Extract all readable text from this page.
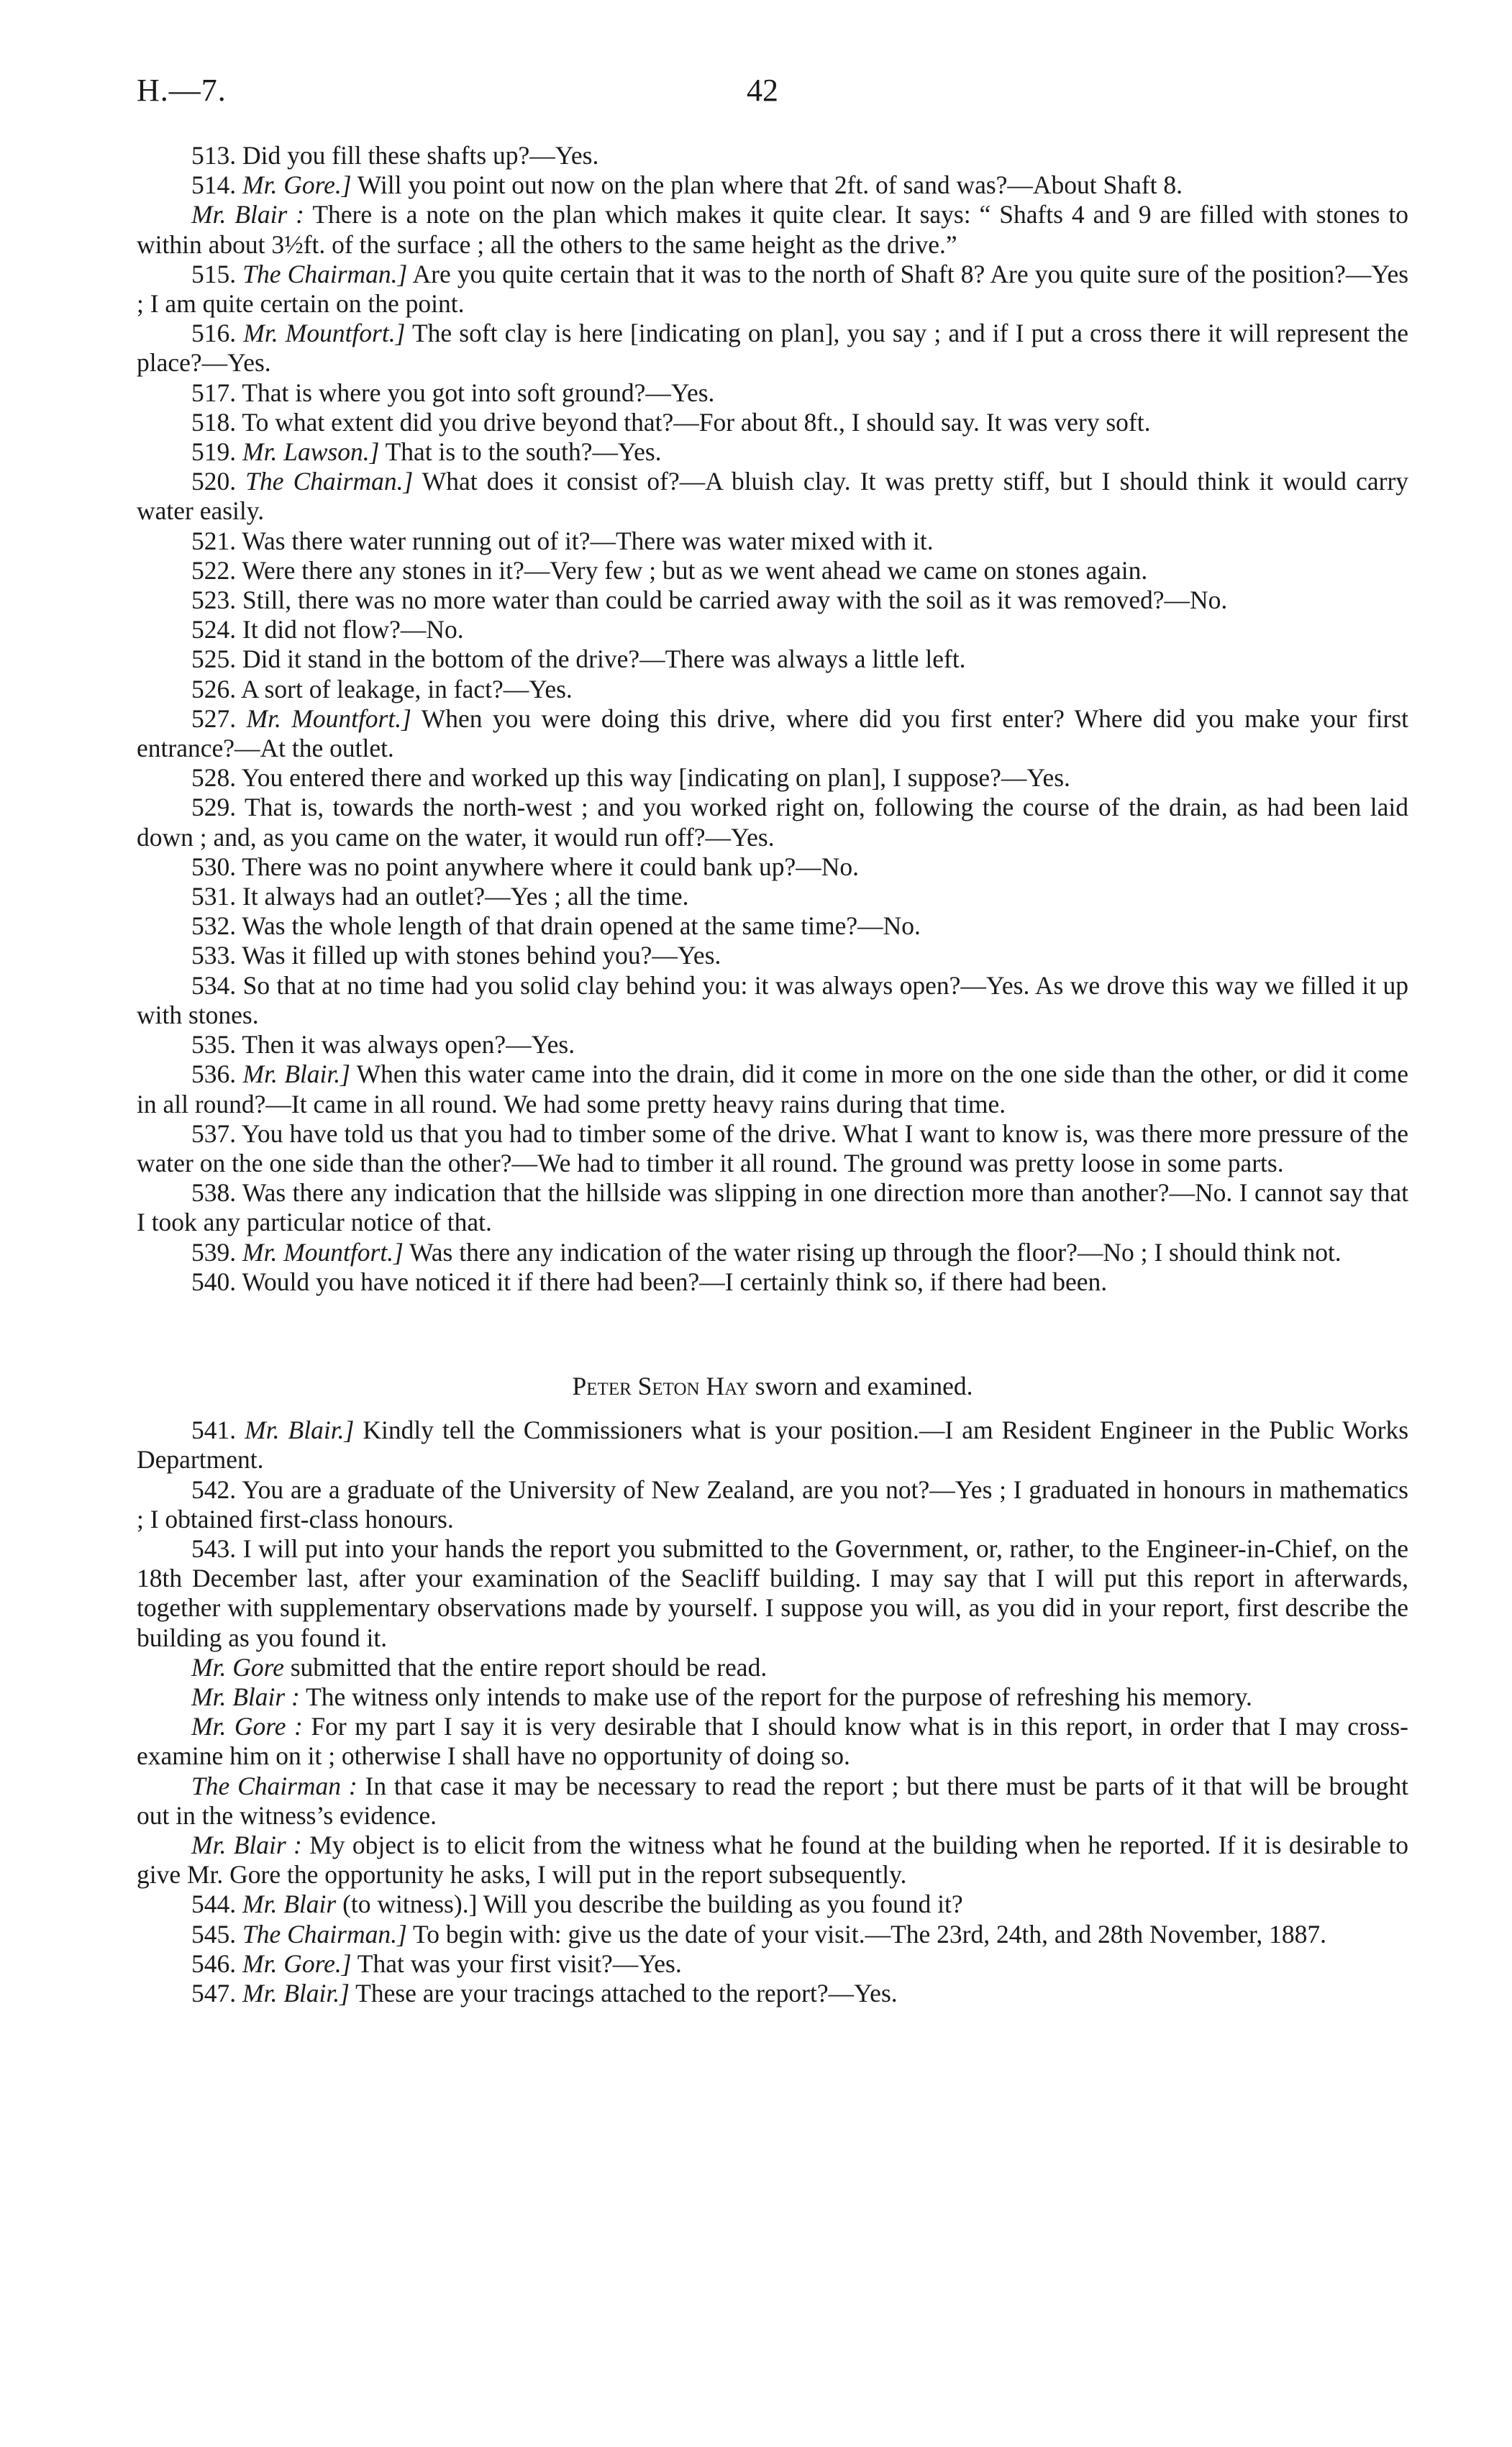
H.—7.	42

513. Did you fill these shafts up?—Yes.

514. Mr. Gore.] Will you point out now on the plan where that 2ft. of sand was?—About Shaft 8.

Mr. Blair : There is a note on the plan which makes it quite clear. It says: “ Shafts 4 and 9 are filled with stones to within about 3½ft. of the surface ; all the others to the same height as the drive.”

515. The Chairman.] Are you quite certain that it was to the north of Shaft 8? Are you quite sure of the position?—Yes ; I am quite certain on the point.

516. Mr. Mountfort.] The soft clay is here [indicating on plan], you say ; and if I put a cross there it will represent the place?—Yes.

517. That is where you got into soft ground?—Yes.

518. To what extent did you drive beyond that?—For about 8ft., I should say. It was very soft.

519. Mr. Lawson.] That is to the south?—Yes.

520. The Chairman.] What does it consist of?—A bluish clay. It was pretty stiff, but I should think it would carry water easily.

521. Was there water running out of it?—There was water mixed with it.

522. Were there any stones in it?—Very few ; but as we went ahead we came on stones again.

523. Still, there was no more water than could be carried away with the soil as it was removed?—No.

524. It did not flow?—No.

525. Did it stand in the bottom of the drive?—There was always a little left.

526. A sort of leakage, in fact?—Yes.

527. Mr. Mountfort.] When you were doing this drive, where did you first enter? Where did you make your first entrance?—At the outlet.

528. You entered there and worked up this way [indicating on plan], I suppose?—Yes.

529. That is, towards the north-west ; and you worked right on, following the course of the drain, as had been laid down ; and, as you came on the water, it would run off?—Yes.

530. There was no point anywhere where it could bank up?—No.

531. It always had an outlet?—Yes ; all the time.

532. Was the whole length of that drain opened at the same time?—No.

533. Was it filled up with stones behind you?—Yes.

534. So that at no time had you solid clay behind you: it was always open?—Yes. As we drove this way we filled it up with stones.

535. Then it was always open?—Yes.

536. Mr. Blair.] When this water came into the drain, did it come in more on the one side than the other, or did it come in all round?—It came in all round. We had some pretty heavy rains during that time.

537. You have told us that you had to timber some of the drive. What I want to know is, was there more pressure of the water on the one side than the other?—We had to timber it all round. The ground was pretty loose in some parts.

538. Was there any indication that the hillside was slipping in one direction more than another?—No. I cannot say that I took any particular notice of that.

539. Mr. Mountfort.] Was there any indication of the water rising up through the floor?—No ; I should think not.

540. Would you have noticed it if there had been?—I certainly think so, if there had been.

Peter Seton Hay sworn and examined.

541. Mr. Blair.] Kindly tell the Commissioners what is your position.—I am Resident Engineer in the Public Works Department.

542. You are a graduate of the University of New Zealand, are you not?—Yes ; I graduated in honours in mathematics ; I obtained first-class honours.

543. I will put into your hands the report you submitted to the Government, or, rather, to the Engineer-in-Chief, on the 18th December last, after your examination of the Seacliff building. I may say that I will put this report in afterwards, together with supplementary observations made by yourself. I suppose you will, as you did in your report, first describe the building as you found it.

Mr. Gore submitted that the entire report should be read.

Mr. Blair : The witness only intends to make use of the report for the purpose of refreshing his memory.

Mr. Gore : For my part I say it is very desirable that I should know what is in this report, in order that I may cross-examine him on it ; otherwise I shall have no opportunity of doing so.

The Chairman : In that case it may be necessary to read the report ; but there must be parts of it that will be brought out in the witness’s evidence.

Mr. Blair : My object is to elicit from the witness what he found at the building when he reported. If it is desirable to give Mr. Gore the opportunity he asks, I will put in the report subsequently.

544. Mr. Blair (to witness).] Will you describe the building as you found it?

545. The Chairman.] To begin with: give us the date of your visit.—The 23rd, 24th, and 28th November, 1887.

546. Mr. Gore.] That was your first visit?—Yes.

547. Mr. Blair.] These are your tracings attached to the report?—Yes.
